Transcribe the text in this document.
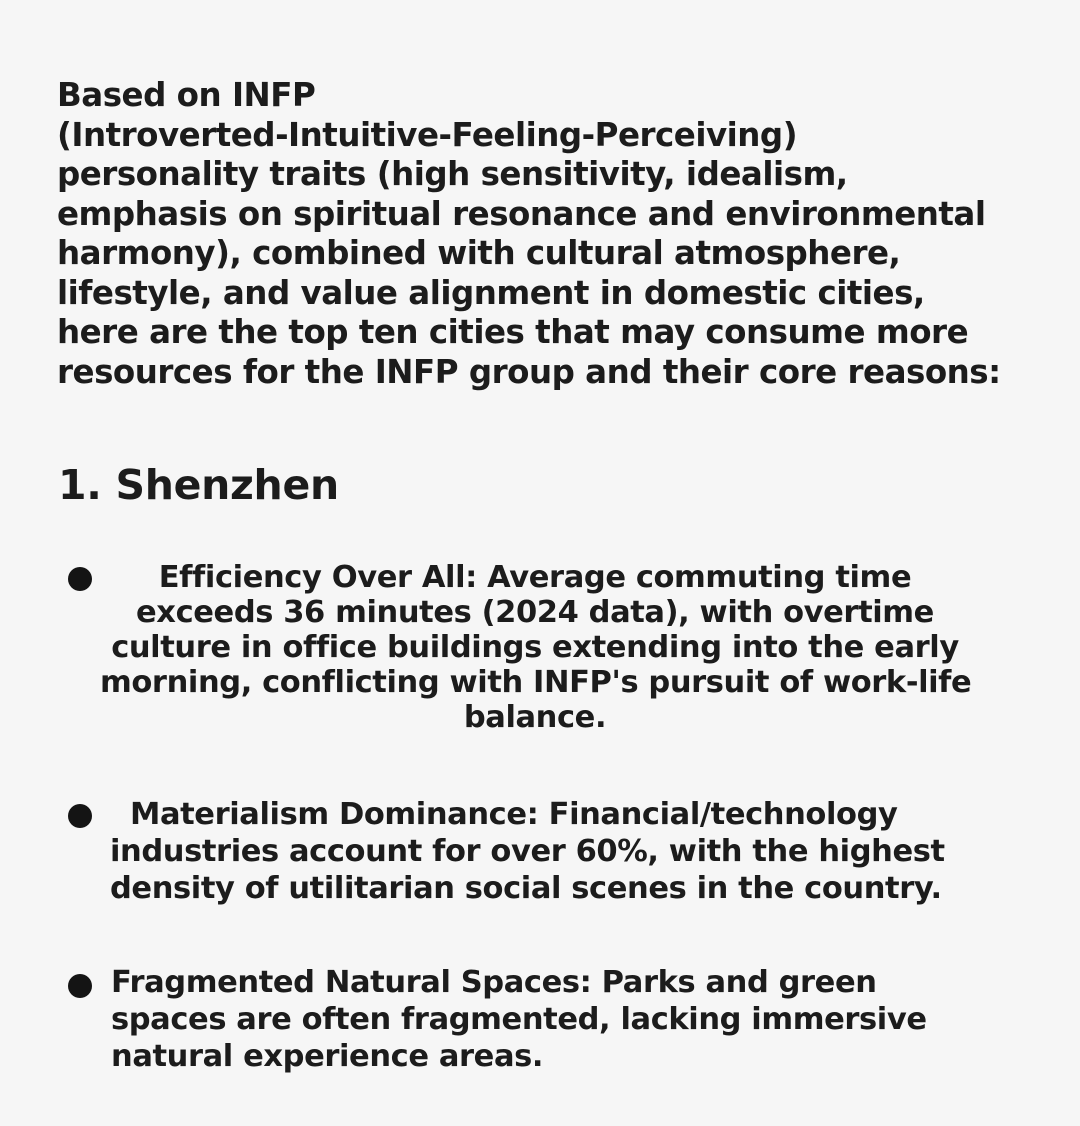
Based on INFP
(Introverted-Intuitive-Feeling-Perceiving)
personality traits (high sensitivity, idealism,
emphasis on spiritual resonance and environmental
harmony), combined with cultural atmosphere,
lifestyle, and value alignment in domestic cities,
here are the top ten cities that may consume more
resources for the INFP group and their core reasons:
1. Shenzhen
Efficiency Over All: Average commuting time
exceeds 36 minutes (2024 data), with overtime
culture in office buildings extending into the early
morning, conflicting with INFP's pursuit of work-life
balance.
Materialism Dominance: Financial/technology
industries account for over 60%, with the highest
density of utilitarian social scenes in the country.
Fragmented Natural Spaces: Parks and green
spaces are often fragmented, lacking immersive
natural experience areas.
